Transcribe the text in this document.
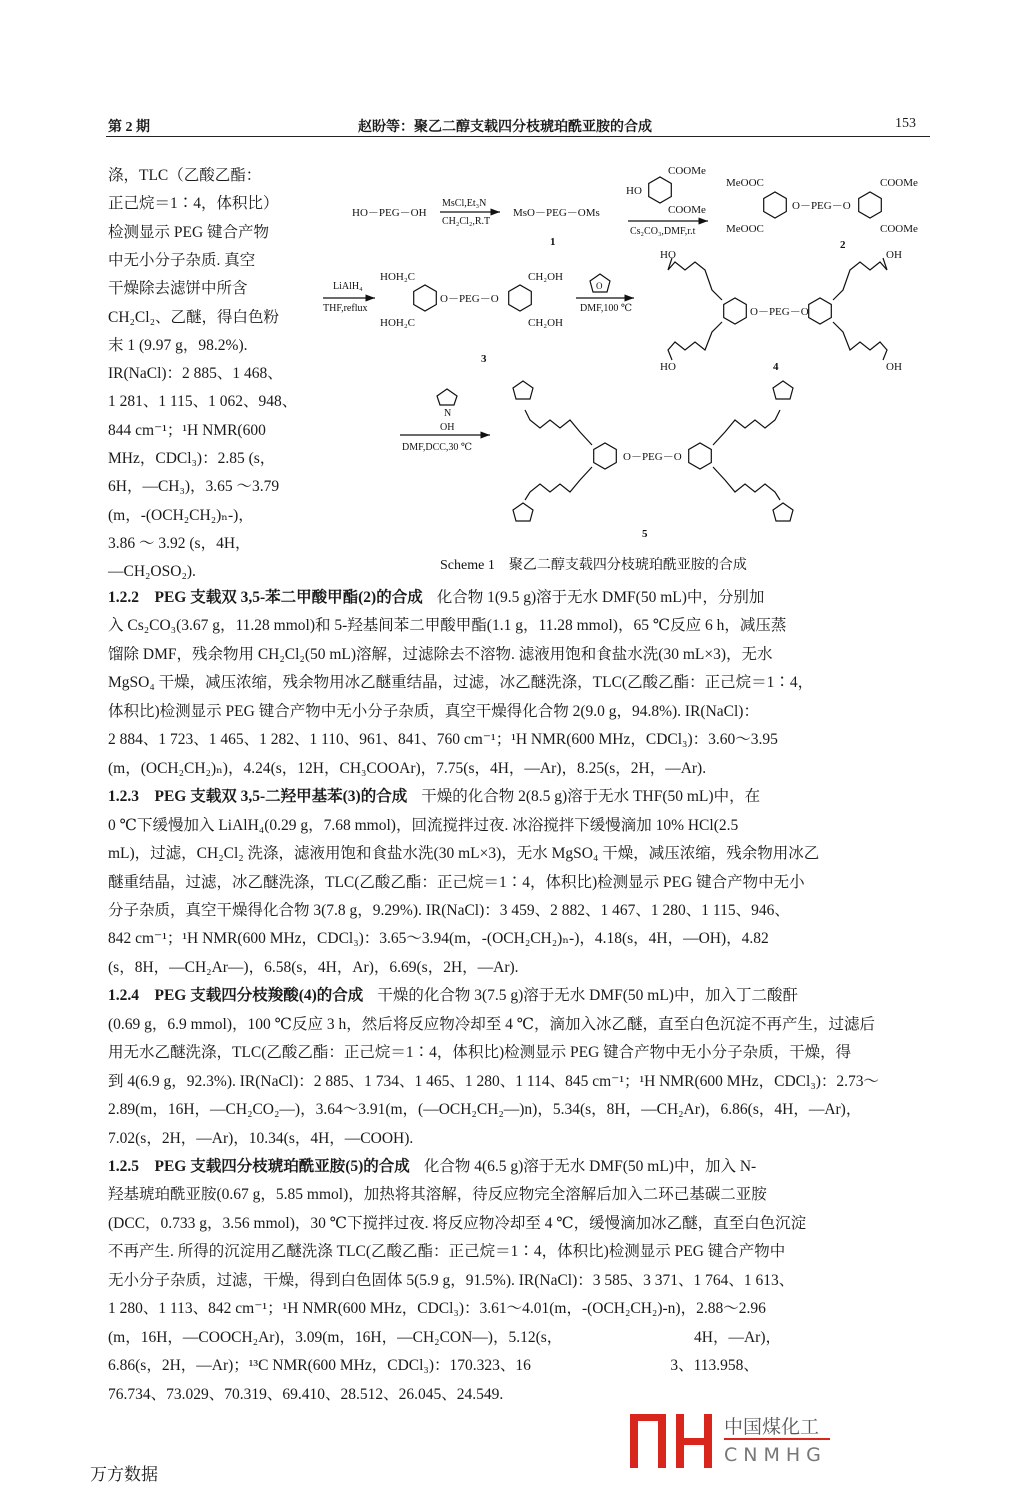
第 2 期	赵盼等：聚乙二醇支载四分枝琥珀酰亚胺的合成	153
涤，TLC（乙酸乙酯：
正己烷＝1∶4，体积比）
检测显示 PEG 键合产物
中无小分子杂质. 真空
干燥除去滤饼中所含
CH₂Cl₂、乙醚，得白色粉
末 1 (9.97 g，98.2%).
IR(NaCl)：2 885、1 468、
1 281、1 115、1 062、948、
844 cm⁻¹；¹H NMR(600
MHz，CDCl₃)：2.85 (s，
6H，—CH₃)，3.65 ～3.79
(m，-(OCH₂CH₂)ₙ-)，
3.86 ～ 3.92 (s，4H，
—CH₂OSO₂).
HO－PEG－OH
MsCl,Et₃N
CH₂Cl₂,R.T
MsO－PEG－OMs
1
HO
COOMe
COOMe
Cs₂CO₃,DMF,r.t
MeOOC
MeOOC
COOMe
COOMe
O－PEG－O
2
LiAlH₄
THF,reflux
HOH₂C
HOH₂C
CH₂OH
CH₂OH
O－PEG－O
3
O
DMF,100 ℃	O－PEG－O
HO
HO
OH
OH
4
N
OH
DMF,DCC,30 ℃
O－PEG－O
5
Scheme 1　聚乙二醇支载四分枝琥珀酰亚胺的合成
1.2.2　PEG 支载双 3,5-苯二甲酸甲酯(2)的合成 化合物 1(9.5 g)溶于无水 DMF(50 mL)中，分别加
入 Cs₂CO₃(3.67 g，11.28 mmol)和 5-羟基间苯二甲酸甲酯(1.1 g，11.28 mmol)，65 ℃反应 6 h，减压蒸
馏除 DMF，残余物用 CH₂Cl₂(50 mL)溶解，过滤除去不溶物. 滤液用饱和食盐水洗(30 mL×3)，无水
MgSO₄ 干燥，减压浓缩，残余物用冰乙醚重结晶，过滤，冰乙醚洗涤，TLC(乙酸乙酯：正己烷＝1∶4，
体积比)检测显示 PEG 键合产物中无小分子杂质，真空干燥得化合物 2(9.0 g，94.8%). IR(NaCl)：
2 884、1 723、1 465、1 282、1 110、961、841、760 cm⁻¹；¹H NMR(600 MHz，CDCl₃)：3.60～3.95
(m，(OCH₂CH₂)ₙ)，4.24(s，12H，CH₃COOAr)，7.75(s，4H，—Ar)，8.25(s，2H，—Ar).
1.2.3　PEG 支载双 3,5-二羟甲基苯(3)的合成 干燥的化合物 2(8.5 g)溶于无水 THF(50 mL)中，在
0 ℃下缓慢加入 LiAlH₄(0.29 g，7.68 mmol)，回流搅拌过夜. 冰浴搅拌下缓慢滴加 10% HCl(2.5
mL)，过滤，CH₂Cl₂ 洗涤，滤液用饱和食盐水洗(30 mL×3)，无水 MgSO₄ 干燥，减压浓缩，残余物用冰乙
醚重结晶，过滤，冰乙醚洗涤，TLC(乙酸乙酯：正己烷＝1∶4，体积比)检测显示 PEG 键合产物中无小
分子杂质，真空干燥得化合物 3(7.8 g，9.29%). IR(NaCl)：3 459、2 882、1 467、1 280、1 115、946、
842 cm⁻¹；¹H NMR(600 MHz，CDCl₃)：3.65～3.94(m，-(OCH₂CH₂)ₙ-)，4.18(s，4H，—OH)，4.82
(s，8H，—CH₂Ar—)，6.58(s，4H，Ar)，6.69(s，2H，—Ar).
1.2.4　PEG 支载四分枝羧酸(4)的合成 干燥的化合物 3(7.5 g)溶于无水 DMF(50 mL)中，加入丁二酸酐
(0.69 g，6.9 mmol)，100 ℃反应 3 h，然后将反应物冷却至 4 ℃，滴加入冰乙醚，直至白色沉淀不再产生，过滤后
用无水乙醚洗涤，TLC(乙酸乙酯：正己烷＝1∶4，体积比)检测显示 PEG 键合产物中无小分子杂质，干燥，得
到 4(6.9 g，92.3%). IR(NaCl)：2 885、1 734、1 465、1 280、1 114、845 cm⁻¹；¹H NMR(600 MHz，CDCl₃)：2.73～
2.89(m，16H，—CH₂CO₂—)，3.64～3.91(m，(—OCH₂CH₂—)n)，5.34(s，8H，—CH₂Ar)，6.86(s，4H，—Ar)，
7.02(s，2H，—Ar)，10.34(s，4H，—COOH).
1.2.5　PEG 支载四分枝琥珀酰亚胺(5)的合成 化合物 4(6.5 g)溶于无水 DMF(50 mL)中，加入 N-
羟基琥珀酰亚胺(0.67 g，5.85 mmol)，加热将其溶解，待反应物完全溶解后加入二环己基碳二亚胺
(DCC，0.733 g，3.56 mmol)，30 ℃下搅拌过夜. 将反应物冷却至 4 ℃，缓慢滴加冰乙醚，直至白色沉淀
不再产生. 所得的沉淀用乙醚洗涤 TLC(乙酸乙酯：正己烷＝1∶4，体积比)检测显示 PEG 键合产物中
无小分子杂质，过滤，干燥，得到白色固体 5(5.9 g，91.5%). IR(NaCl)：3 585、3 371、1 764、1 613、
1 280、1 113、842 cm⁻¹；¹H NMR(600 MHz，CDCl₃)：3.61～4.01(m，-(OCH₂CH₂)-n)，2.88～2.96
(m，16H，—COOCH₂Ar)，3.09(m，16H，—CH₂CON—)，5.12(s，　　　　　　　　　4H，—Ar)，
6.86(s，2H，—Ar)；¹³C NMR(600 MHz，CDCl₃)：170.323、16　　　　　　　　　3、113.958、
76.734、73.029、70.319、69.410、28.512、26.045、24.549.
中国煤化工
CNMHG
万方数据
